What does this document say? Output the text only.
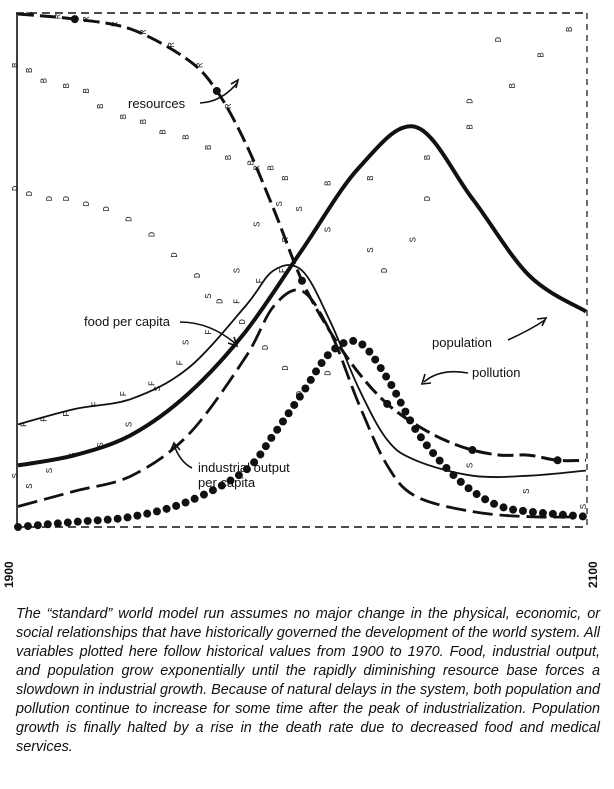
R R R
R
R
R
R
R
R
R
B
B
B
B
B
B
B
B
B
B
B
B
B
B
B
B
B
B
B
B
B
B
D
D
D D
D
D
D
D
D
D
D
D
D
D
D
D
D
D
D
D
S
S
S
S
S
S
S
S
S
S
S
S
S
S
S
S
S
S
S
F
F
F
F
F
F
F
F
F
F
F
resources
food per capita
population
pollution
industrial output
per capita
1900	2100

The “standard” world model run assumes no major change in the physical, economic, or social relationships that have historically governed the development of the world system. All variables plotted here follow historical values from 1900 to 1970. Food, industrial output, and population grow exponentially until the rapidly diminishing resource base forces a slowdown in industrial growth. Because of natural delays in the system, both population and pollution continue to increase for some time after the peak of industrialization. Population growth is finally halted by a rise in the death rate due to decreased food and medical services.
